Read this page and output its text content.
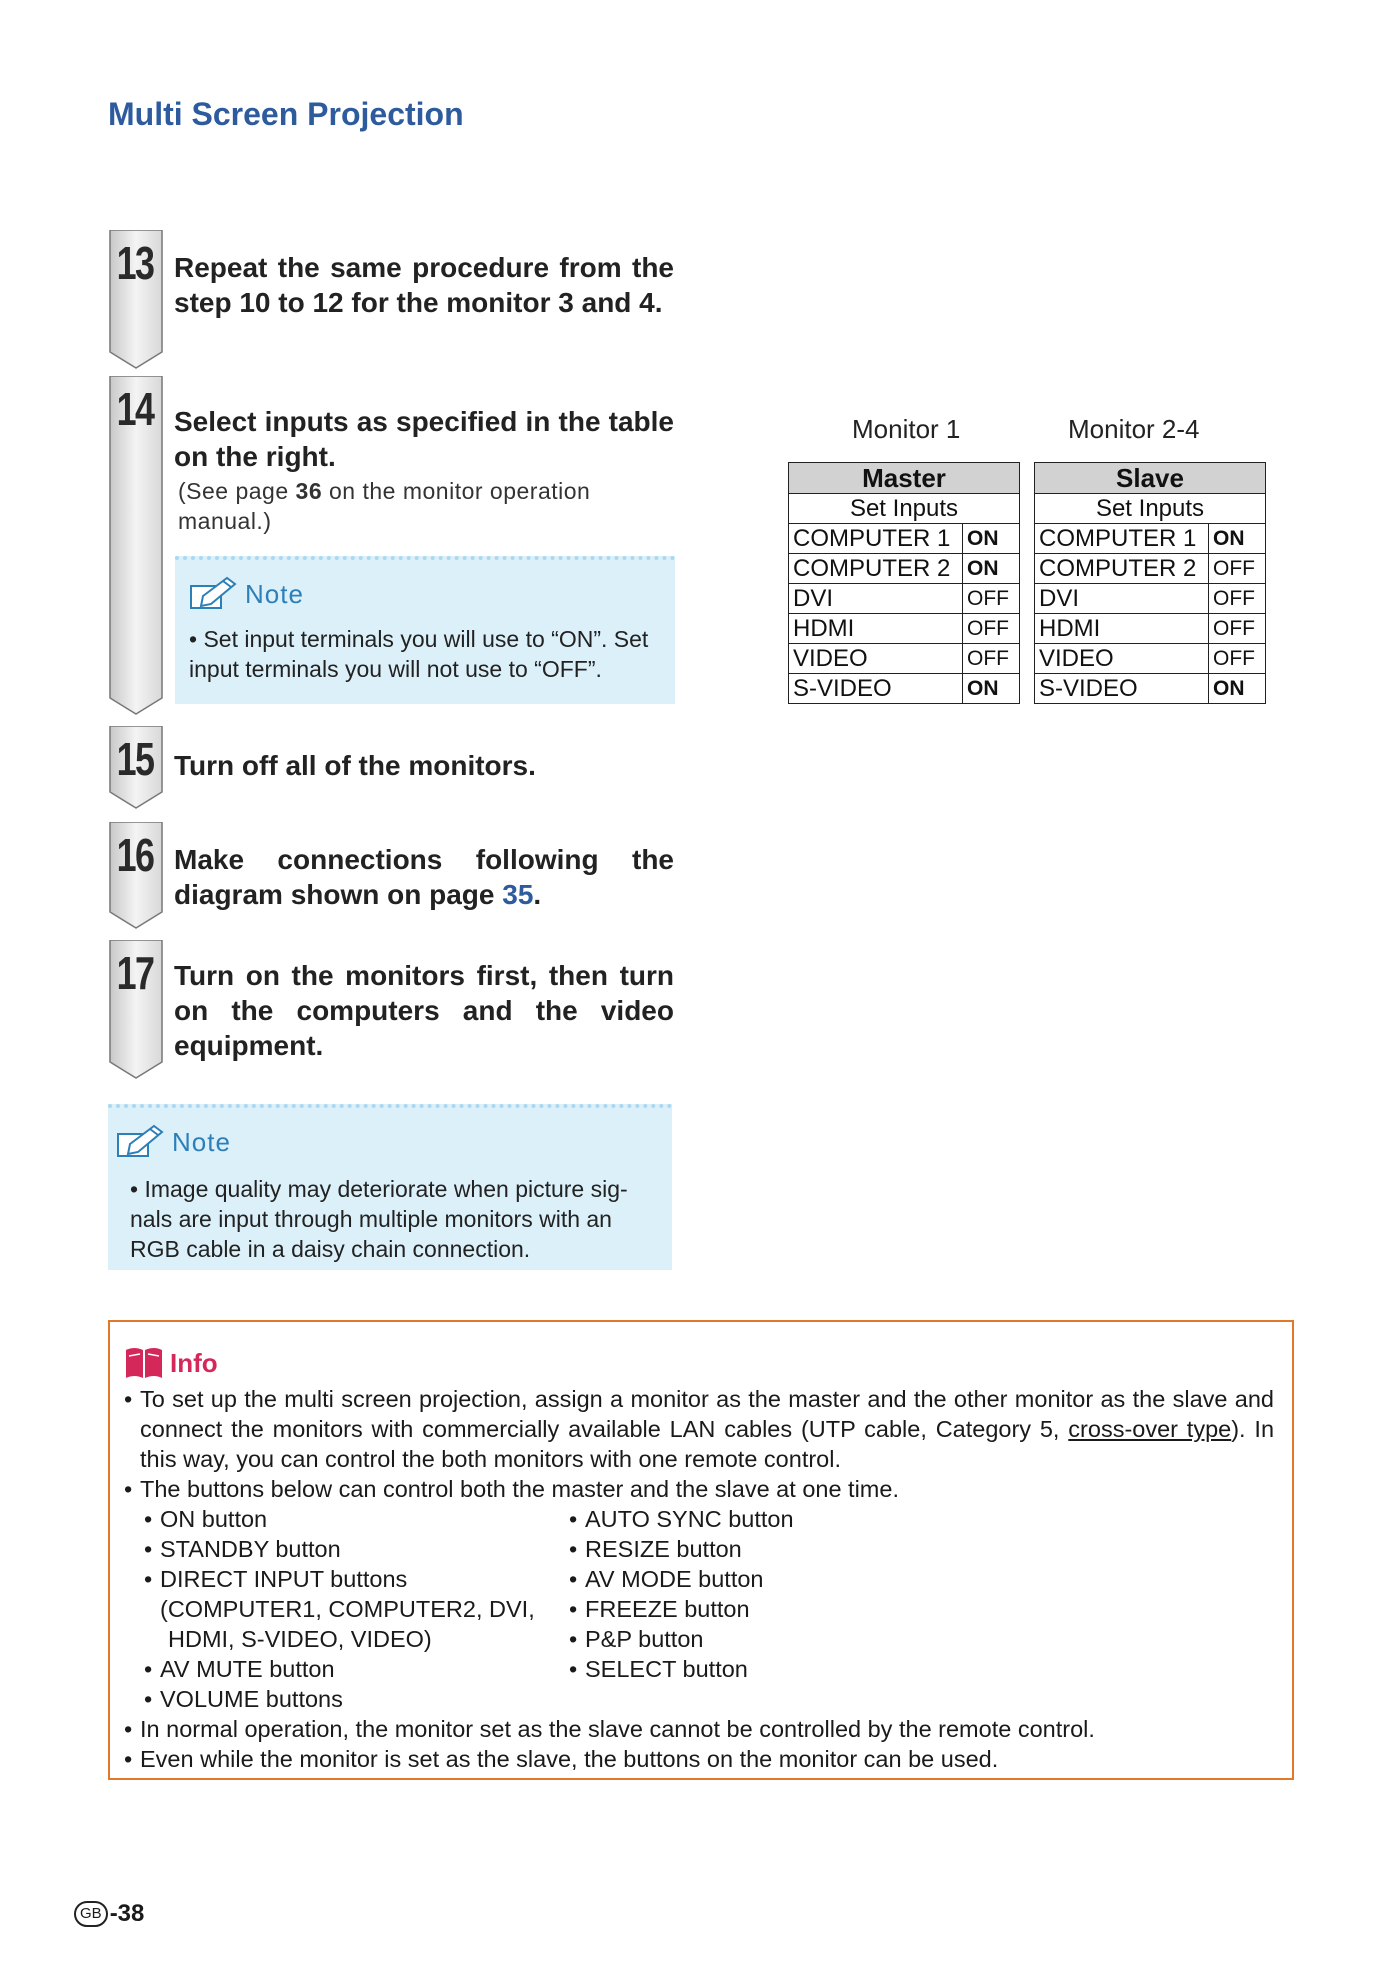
Multi Screen Projection
13 Repeat the same procedure from the step 10 to 12 for the monitor 3 and 4.
14 Select inputs as specified in the table on the right.
(See page 36 on the monitor operation manual.)
Note
• Set input terminals you will use to “ON”. Set input terminals you will not use to “OFF”.
15 Turn off all of the monitors.
16 Make connections following the diagram shown on page 35.
17 Turn on the monitors first, then turn on the computers and the video equipment.
Note
• Image quality may deteriorate when picture sig-nals are input through multiple monitors with an RGB cable in a daisy chain connection.
Monitor 1	Monitor 2-4
Master	
Set Inputs	
COMPUTER 1	ON
COMPUTER 2	ON
DVI	OFF
HDMI	OFF
VIDEO	OFF
S-VIDEO	ON
Slave	
Set Inputs	
COMPUTER 1	ON
COMPUTER 2	OFF
DVI	OFF
HDMI	OFF
VIDEO	OFF
S-VIDEO	ON
Info
• To set up the multi screen projection, assign a monitor as the master and the other monitor as the slave and connect the monitors with commercially available LAN cables (UTP cable, Category 5, cross-over type). In this way, you can control the both monitors with one remote control.
• The buttons below can control both the master and the slave at one time.
• ON button
• STANDBY button
• DIRECT INPUT buttons
(COMPUTER1, COMPUTER2, DVI,
HDMI, S-VIDEO, VIDEO)
• AV MUTE button
• VOLUME buttons
• AUTO SYNC button
• RESIZE button
• AV MODE button
• FREEZE button
• P&P button
• SELECT button
• In normal operation, the monitor set as the slave cannot be controlled by the remote control.
• Even while the monitor is set as the slave, the buttons on the monitor can be used.
GB -38
